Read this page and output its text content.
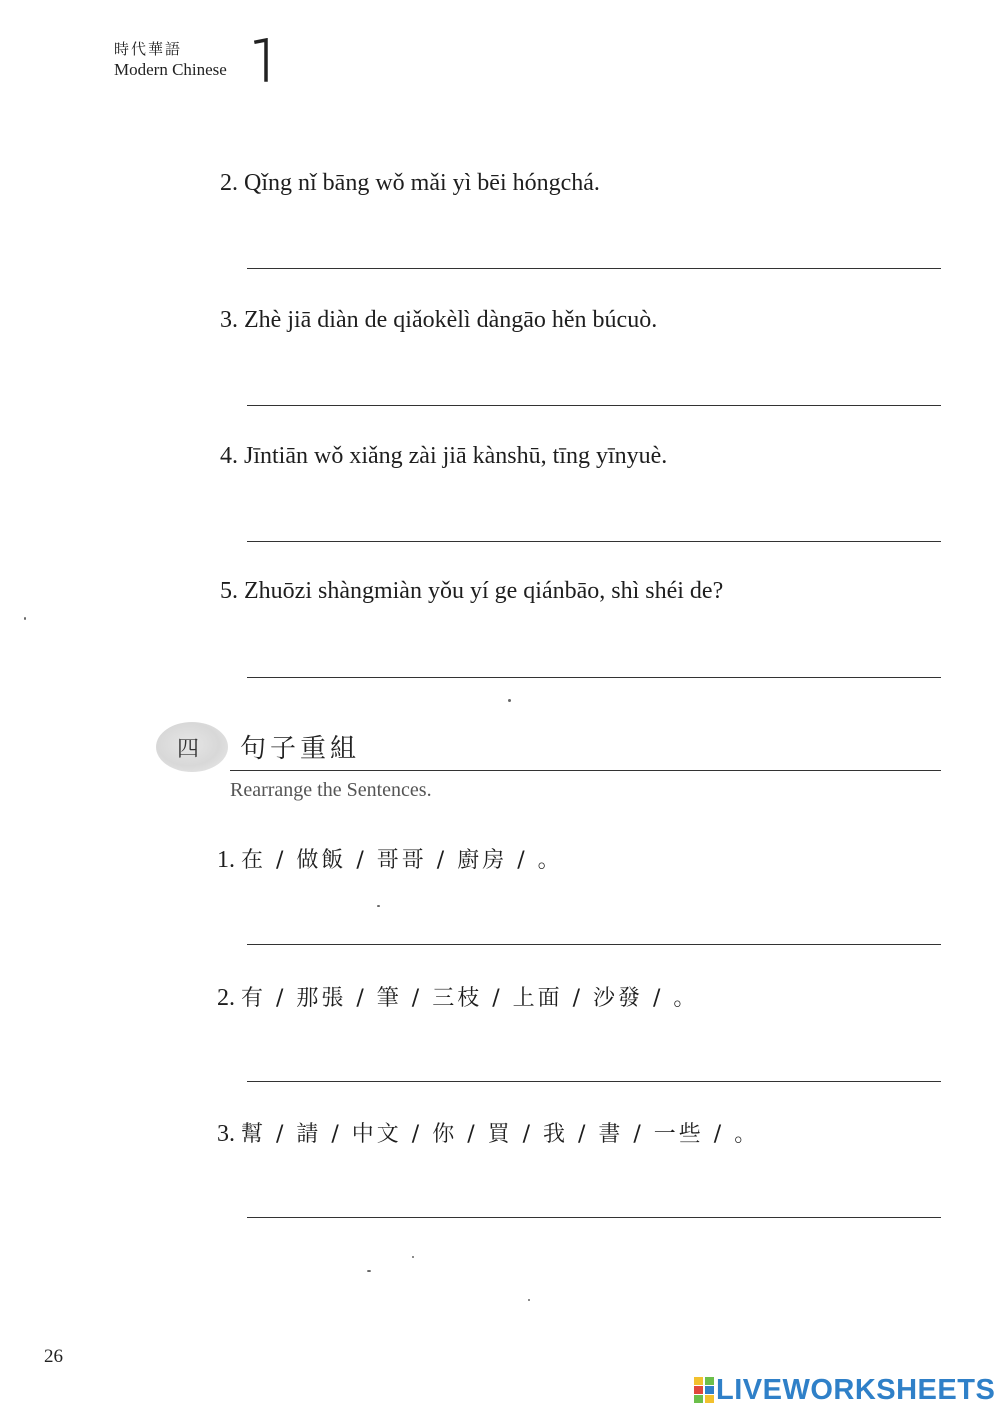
時代華語
Modern Chinese
2. Qǐng nǐ bāng wǒ mǎi yì bēi hóngchá.
3. Zhè jiā diàn de qiǎokèlì dàngāo hěn búcuò.
4. Jīntiān wǒ xiǎng zài jiā kànshū, tīng yīnyuè.
5. Zhuōzi shàngmiàn yǒu yí ge qiánbāo, shì shéi de?
四 句子重組
Rearrange the Sentences.
1. 在 / 做飯 / 哥哥 / 廚房 / 。
2. 有 / 那張 / 筆 / 三枝 / 上面 / 沙發 / 。
3. 幫 / 請 / 中文 / 你 / 買 / 我 / 書 / 一些 / 。
26
LIVEWORKSHEETS
